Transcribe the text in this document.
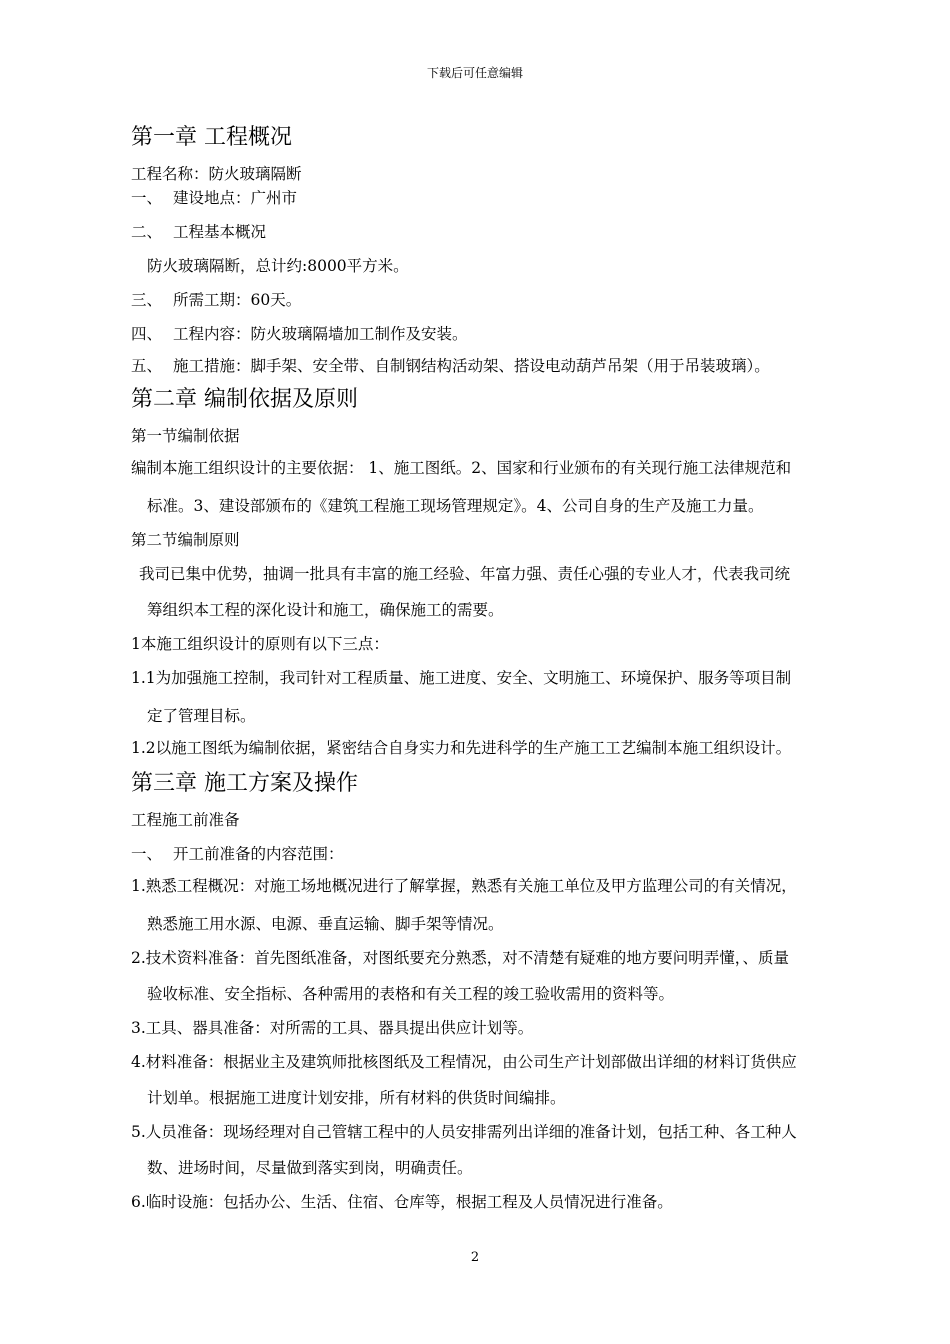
下载后可任意编辑
第一章 工程概况
工程名称：防火玻璃隔断
一、 建设地点：广州市
二、 工程基本概况
防火玻璃隔断，总计约:8000平方米。
三、 所需工期：60天。
四、 工程内容：防火玻璃隔墙加工制作及安装。
五、 施工措施：脚手架、安全带、自制钢结构活动架、搭设电动葫芦吊架（用于吊装玻璃）。
第二章 编制依据及原则
第一节编制依据
编制本施工组织设计的主要依据： 1、施工图纸。2、国家和行业颁布的有关现行施工法律规范和
标准。3、建设部颁布的《建筑工程施工现场管理规定》。4、公司自身的生产及施工力量。
第二节编制原则
我司已集中优势，抽调一批具有丰富的施工经验、年富力强、责任心强的专业人才，代表我司统
筹组织本工程的深化设计和施工，确保施工的需要。
1本施工组织设计的原则有以下三点：
1.1为加强施工控制，我司针对工程质量、施工进度、安全、文明施工、环境保护、服务等项目制
定了管理目标。
1.2以施工图纸为编制依据，紧密结合自身实力和先进科学的生产施工工艺编制本施工组织设计。
第三章 施工方案及操作
工程施工前准备
一、 开工前准备的内容范围：
1.熟悉工程概况：对施工场地概况进行了解掌握，熟悉有关施工单位及甲方监理公司的有关情况，
熟悉施工用水源、电源、垂直运输、脚手架等情况。
2.技术资料准备：首先图纸准备，对图纸要充分熟悉，对不清楚有疑难的地方要问明弄懂，、质量
验收标准、安全指标、各种需用的表格和有关工程的竣工验收需用的资料等。
3.工具、器具准备：对所需的工具、器具提出供应计划等。
4.材料准备：根据业主及建筑师批核图纸及工程情况，由公司生产计划部做出详细的材料订货供应
计划单。根据施工进度计划安排，所有材料的供货时间编排。
5.人员准备：现场经理对自己管辖工程中的人员安排需列出详细的准备计划，包括工种、各工种人
数、进场时间，尽量做到落实到岗，明确责任。
6.临时设施：包括办公、生活、住宿、仓库等，根据工程及人员情况进行准备。
2
